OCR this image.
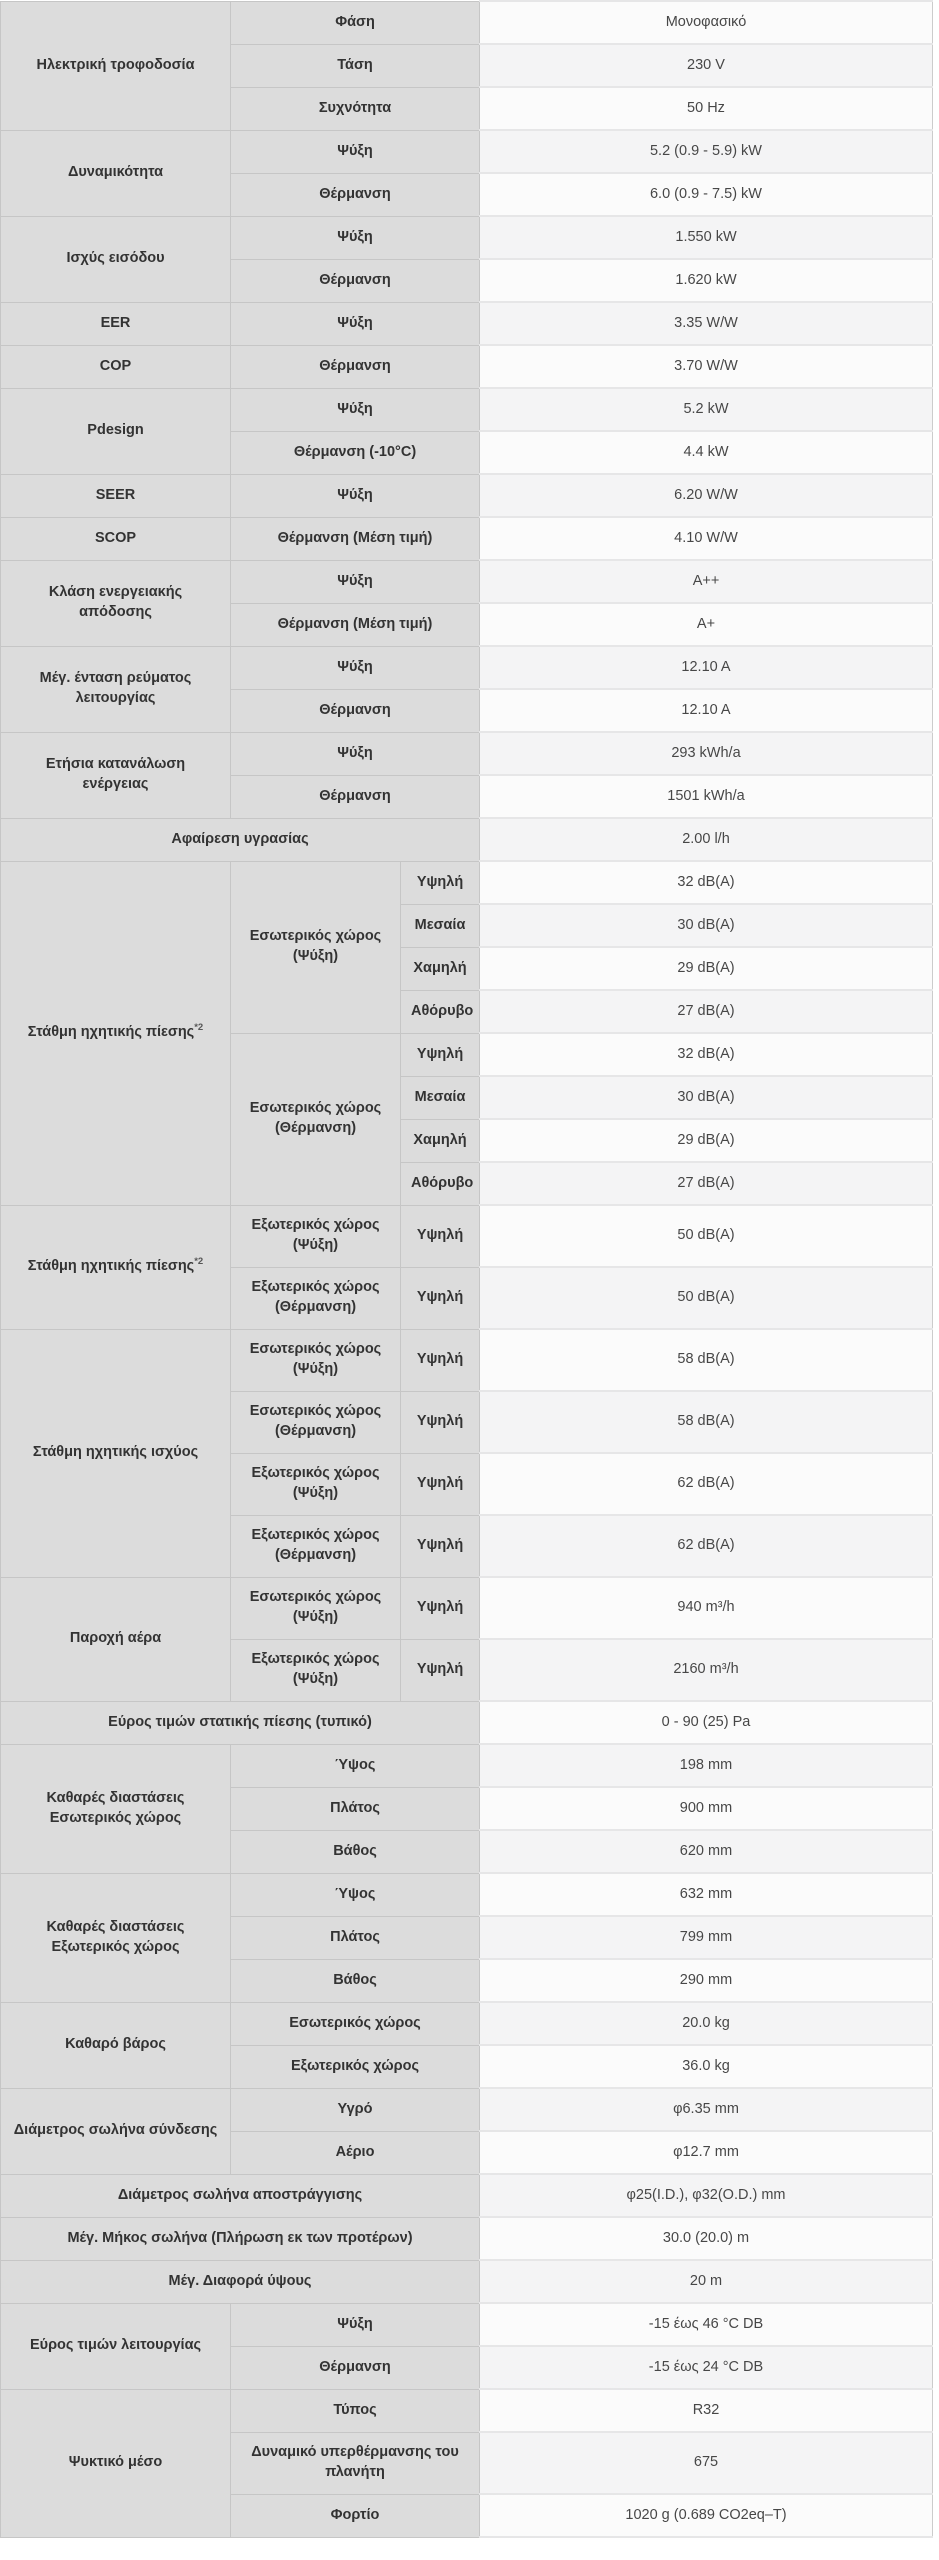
Ηλεκτρική τροφοδοσία	Φάση		Μονοφασικό
	Τάση		230 V
	Συχνότητα		50 Hz
Δυναμικότητα	Ψύξη		5.2 (0.9 - 5.9) kW
	Θέρμανση		6.0 (0.9 - 7.5) kW
Ισχύς εισόδου	Ψύξη		1.550 kW
	Θέρμανση		1.620 kW
EER	Ψύξη		3.35 W/W
COP	Θέρμανση		3.70 W/W
Pdesign	Ψύξη		5.2 kW
	Θέρμανση (-10°C)		4.4 kW
SEER	Ψύξη		6.20 W/W
SCOP	Θέρμανση (Μέση τιμή)		4.10 W/W
Κλάση ενεργειακής απόδοσης	Ψύξη		A++
	Θέρμανση (Μέση τιμή)		A+
Μέγ. ένταση ρεύματος λειτουργίας	Ψύξη		12.10 A
	Θέρμανση		12.10 A
Ετήσια κατανάλωση ενέργειας	Ψύξη		293 kWh/a
	Θέρμανση		1501 kWh/a
Αφαίρεση υγρασίας			2.00 l/h
Στάθμη ηχητικής πίεσης$^{*2}$	Εσωτερικός χώρος (Ψύξη)	Υψηλή	32 dB(A)
		Μεσαία	30 dB(A)
		Χαμηλή	29 dB(A)
		Αθόρυβο	27 dB(A)
	Εσωτερικός χώρος (Θέρμανση)	Υψηλή	32 dB(A)
		Μεσαία	30 dB(A)
		Χαμηλή	29 dB(A)
		Αθόρυβο	27 dB(A)
Στάθμη ηχητικής πίεσης$^{*2}$	Εξωτερικός χώρος (Ψύξη)	Υψηλή	50 dB(A)
	Εξωτερικός χώρος (Θέρμανση)	Υψηλή	50 dB(A)
Στάθμη ηχητικής ισχύος	Εσωτερικός χώρος (Ψύξη)	Υψηλή	58 dB(A)
	Εσωτερικός χώρος (Θέρμανση)	Υψηλή	58 dB(A)
	Εξωτερικός χώρος (Ψύξη)	Υψηλή	62 dB(A)
	Εξωτερικός χώρος (Θέρμανση)	Υψηλή	62 dB(A)
Παροχή αέρα	Εσωτερικός χώρος (Ψύξη)	Υψηλή	940 m³/h
	Εξωτερικός χώρος (Ψύξη)	Υψηλή	2160 m³/h
Εύρος τιμών στατικής πίεσης (τυπικό)			0 - 90 (25) Pa
Καθαρές διαστάσεις Εσωτερικός χώρος	Ύψος		198 mm
	Πλάτος		900 mm
	Βάθος		620 mm
Καθαρές διαστάσεις Εξωτερικός χώρος	Ύψος		632 mm
	Πλάτος		799 mm
	Βάθος		290 mm
Καθαρό βάρος	Εσωτερικός χώρος		20.0 kg
	Εξωτερικός χώρος		36.0 kg
Διάμετρος σωλήνα σύνδεσης	Υγρό		φ6.35 mm
	Αέριο		φ12.7 mm
Διάμετρος σωλήνα αποστράγγισης			φ25(I.D.), φ32(O.D.) mm
Μέγ. Μήκος σωλήνα (Πλήρωση εκ των προτέρων)			30.0 (20.0) m
Μέγ. Διαφορά ύψους			20 m
Εύρος τιμών λειτουργίας	Ψύξη		-15 έως 46 °C DB
	Θέρμανση		-15 έως 24 °C DB
Ψυκτικό μέσο	Τύπος		R32
	Δυναμικό υπερθέρμανσης του πλανήτη		675
	Φορτίο		1020 g (0.689 CO2eq–T)
